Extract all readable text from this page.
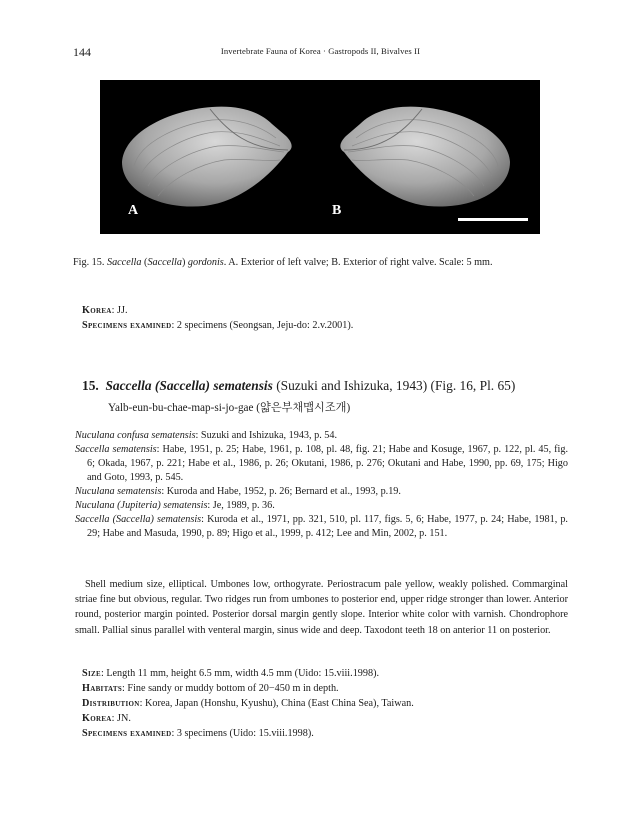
144	Invertebrate Fauna of Korea · Gastropods II, Bivalves II
A	B
Fig. 15. Saccella (Saccella) gordonis. A. Exterior of left valve; B. Exterior of right valve. Scale: 5 mm.
Korea: JJ.
Specimens examined: 2 specimens (Seongsan, Jeju-do: 2.v.2001).
15. Saccella (Saccella) sematensis (Suzuki and Ishizuka, 1943) (Fig. 16, Pl. 65)
Yalb-eun-bu-chae-map-si-jo-gae (얇은부채맵시조개)

Nuculana confusa sematensis: Suzuki and Ishizuka, 1943, p. 54.

Saccella sematensis: Habe, 1951, p. 25; Habe, 1961, p. 108, pl. 48, fig. 21; Habe and Kosuge, 1967, p. 122, pl. 45, fig. 6; Okada, 1967, p. 221; Habe et al., 1986, p. 26; Okutani, 1986, p. 276; Okutani and Habe, 1990, pp. 69, 175; Higo and Goto, 1993, p. 545.

Nuculana sematensis: Kuroda and Habe, 1952, p. 26; Bernard et al., 1993, p.19.

Nuculana (Jupiteria) sematensis: Je, 1989, p. 36.

Saccella (Saccella) sematensis: Kuroda et al., 1971, pp. 321, 510, pl. 117, figs. 5, 6; Habe, 1977, p. 24; Habe, 1981, p. 29; Habe and Masuda, 1990, p. 89; Higo et al., 1999, p. 412; Lee and Min, 2002, p. 151.

Shell medium size, elliptical. Umbones low, orthogyrate. Periostracum pale yellow, weakly polished. Commarginal striae fine but obvious, regular. Two ridges run from umbones to posterior end, upper ridge stronger than lower. Anterior round, posterior margin pointed. Posterior dorsal margin gently slope. Interior white color with varnish. Chondrophore small. Pallial sinus parallel with venteral margin, sinus wide and deep. Taxodont teeth 18 on anterior 11 on posterior.

Size: Length 11 mm, height 6.5 mm, width 4.5 mm (Uido: 15.viii.1998).
Habitats: Fine sandy or muddy bottom of 20−450 m in depth.
Distribution: Korea, Japan (Honshu, Kyushu), China (East China Sea), Taiwan.
Korea: JN.
Specimens examined: 3 specimens (Uido: 15.viii.1998).
